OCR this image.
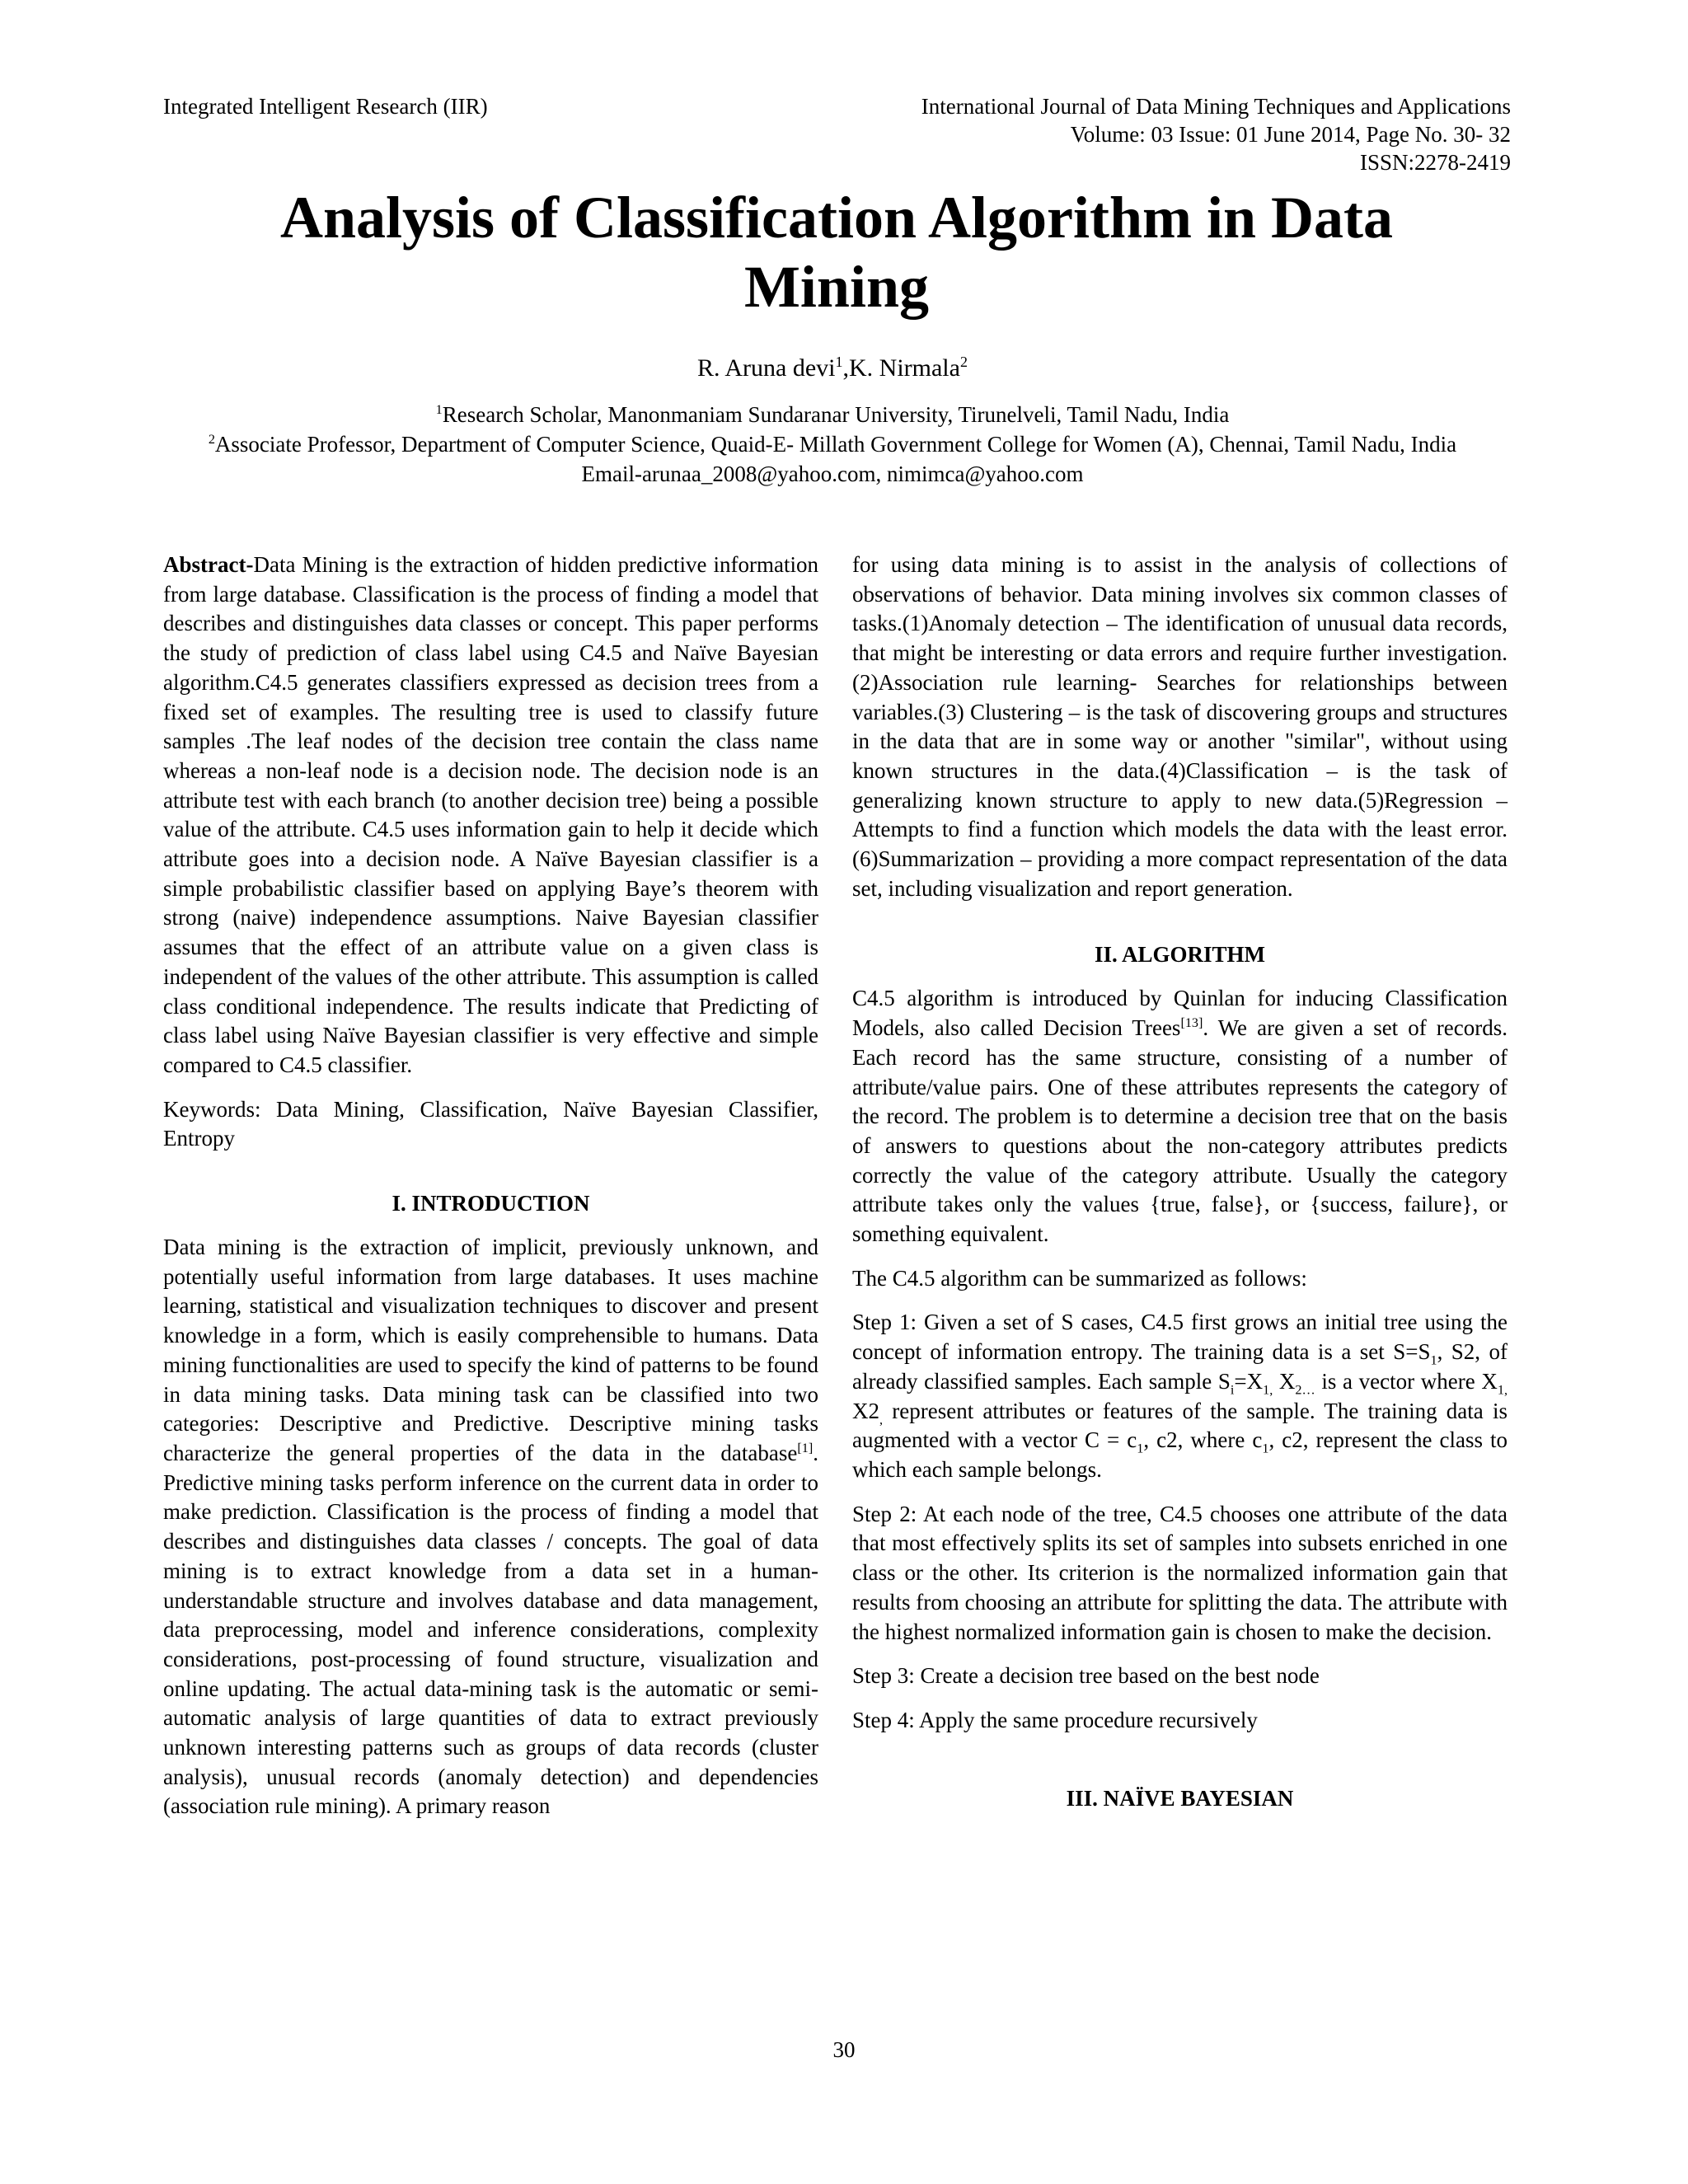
Integrated Intelligent Research (IIR)	International Journal of Data Mining Techniques and Applications
Volume: 03 Issue: 01 June 2014, Page No. 30- 32
ISSN:2278-2419
Analysis of Classification Algorithm in Data Mining
R. Aruna devi$^1$,K. Nirmala$^2$
$^1$Research Scholar, Manonmaniam Sundaranar University, Tirunelveli, Tamil Nadu, India
$^2$Associate Professor, Department of Computer Science, Quaid-E- Millath Government College for Women (A), Chennai, Tamil Nadu, India
Email-arunaa_2008@yahoo.com, nimimca@yahoo.com

Abstract-Data Mining is the extraction of hidden predictive information from large database. Classification is the process of finding a model that describes and distinguishes data classes or concept. This paper performs the study of prediction of class label using C4.5 and Naïve Bayesian algorithm.C4.5 generates classifiers expressed as decision trees from a fixed set of examples. The resulting tree is used to classify future samples .The leaf nodes of the decision tree contain the class name whereas a non-leaf node is a decision node. The decision node is an attribute test with each branch (to another decision tree) being a possible value of the attribute. C4.5 uses information gain to help it decide which attribute goes into a decision node. A Naïve Bayesian classifier is a simple probabilistic classifier based on applying Baye’s theorem with strong (naive) independence assumptions. Naive Bayesian classifier assumes that the effect of an attribute value on a given class is independent of the values of the other attribute. This assumption is called class conditional independence. The results indicate that Predicting of class label using Naïve Bayesian classifier is very effective and simple compared to C4.5 classifier.

Keywords: Data Mining, Classification, Naïve Bayesian Classifier, Entropy

I. INTRODUCTION

Data mining is the extraction of implicit, previously unknown, and potentially useful information from large databases. It uses machine learning, statistical and visualization techniques to discover and present knowledge in a form, which is easily comprehensible to humans. Data mining functionalities are used to specify the kind of patterns to be found in data mining tasks. Data mining task can be classified into two categories: Descriptive and Predictive. Descriptive mining tasks characterize the general properties of the data in the database[1]. Predictive mining tasks perform inference on the current data in order to make prediction. Classification is the process of finding a model that describes and distinguishes data classes / concepts. The goal of data mining is to extract knowledge from a data set in a human-understandable structure and involves database and data management, data preprocessing, model and inference considerations, complexity considerations, post-processing of found structure, visualization and online updating. The actual data-mining task is the automatic or semi-automatic analysis of large quantities of data to extract previously unknown interesting patterns such as groups of data records (cluster analysis), unusual records (anomaly detection) and dependencies (association rule mining). A primary reason

for using data mining is to assist in the analysis of collections of observations of behavior. Data mining involves six common classes of tasks.(1)Anomaly detection – The identification of unusual data records, that might be interesting or data errors and require further investigation.(2)Association rule learning- Searches for relationships between variables.(3) Clustering – is the task of discovering groups and structures in the data that are in some way or another "similar", without using known structures in the data.(4)Classification – is the task of generalizing known structure to apply to new data.(5)Regression – Attempts to find a function which models the data with the least error.(6)Summarization – providing a more compact representation of the data set, including visualization and report generation.

II. ALGORITHM

C4.5 algorithm is introduced by Quinlan for inducing Classification Models, also called Decision Trees[13]. We are given a set of records. Each record has the same structure, consisting of a number of attribute/value pairs. One of these attributes represents the category of the record. The problem is to determine a decision tree that on the basis of answers to questions about the non-category attributes predicts correctly the value of the category attribute. Usually the category attribute takes only the values {true, false}, or {success, failure}, or something equivalent.

The C4.5 algorithm can be summarized as follows:

Step 1: Given a set of S cases, C4.5 first grows an initial tree using the concept of information entropy. The training data is a set $S=S_1$, S2, of already classified samples. Each sample $S_i=X_{1,}$ $X_{2\dots}$ is a vector where $X_{1,}$ $X2_,$ represent attributes or features of the sample. The training data is augmented with a vector $C = c_1$, c2, where $c_1$, c2, represent the class to which each sample belongs.

Step 2: At each node of the tree, C4.5 chooses one attribute of the data that most effectively splits its set of samples into subsets enriched in one class or the other. Its criterion is the normalized information gain that results from choosing an attribute for splitting the data. The attribute with the highest normalized information gain is chosen to make the decision.

Step 3: Create a decision tree based on the best node

Step 4: Apply the same procedure recursively

III. NAÏVE BAYESIAN
30
